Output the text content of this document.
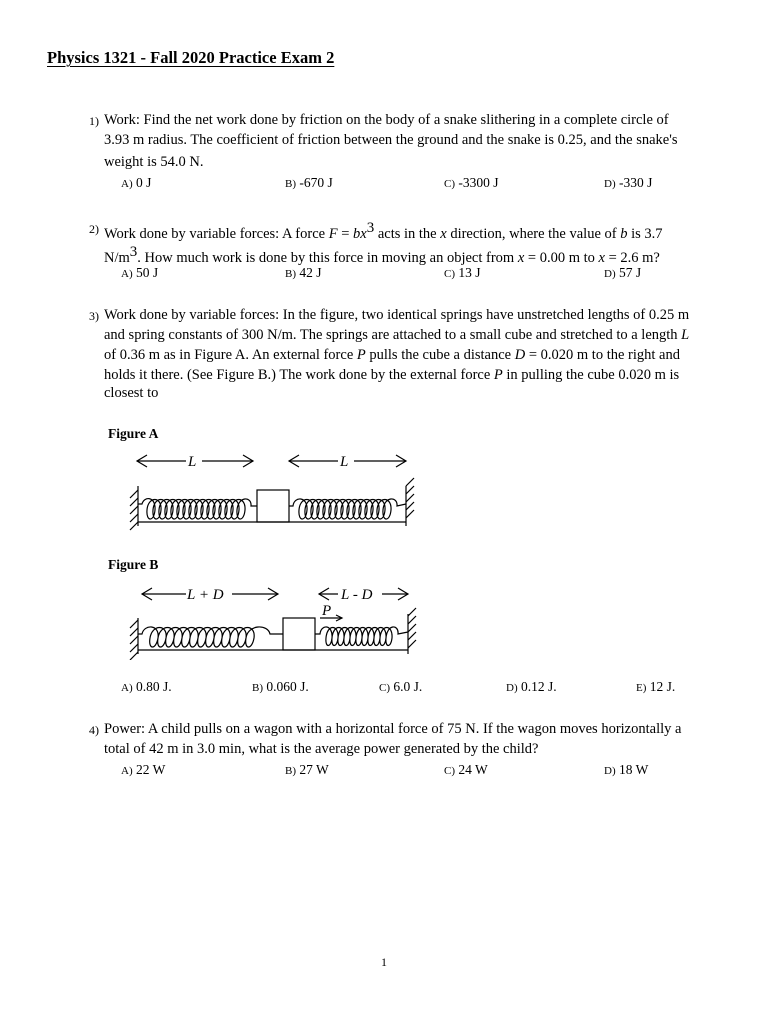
Physics 1321 - Fall 2020 Practice Exam 2
1) Work: Find the net work done by friction on the body of a snake slithering in a complete circle of
3.93 m radius. The coefficient of friction between the ground and the snake is 0.25, and the snake's
weight is 54.0 N.
A) 0 J	B) -670 J	C) -3300 J	D) -330 J
2) Work done by variable forces: A force $F = bx^3$ acts in the x direction, where the value of b is 3.7
$N/m^3$. How much work is done by this force in moving an object from x = 0.00 m to x = 2.6 m?
A) 50 J	B) 42 J	C) 13 J	D) 57 J
3) Work done by variable forces: In the figure, two identical springs have unstretched lengths of 0.25 m
and spring constants of 300 N/m. The springs are attached to a small cube and stretched to a length L
of 0.36 m as in Figure A. An external force P pulls the cube a distance D = 0.020 m to the right and
holds it there. (See Figure B.) The work done by the external force P in pulling the cube 0.020 m is
closest to
Figure A
L	L
Figure B
L + D	L - D
P
A) 0.80 J.	B) 0.060 J.	C) 6.0 J.	D) 0.12 J.	E) 12 J.
4) Power: A child pulls on a wagon with a horizontal force of 75 N. If the wagon moves horizontally a
total of 42 m in 3.0 min, what is the average power generated by the child?
A) 22 W	B) 27 W	C) 24 W	D) 18 W
1
